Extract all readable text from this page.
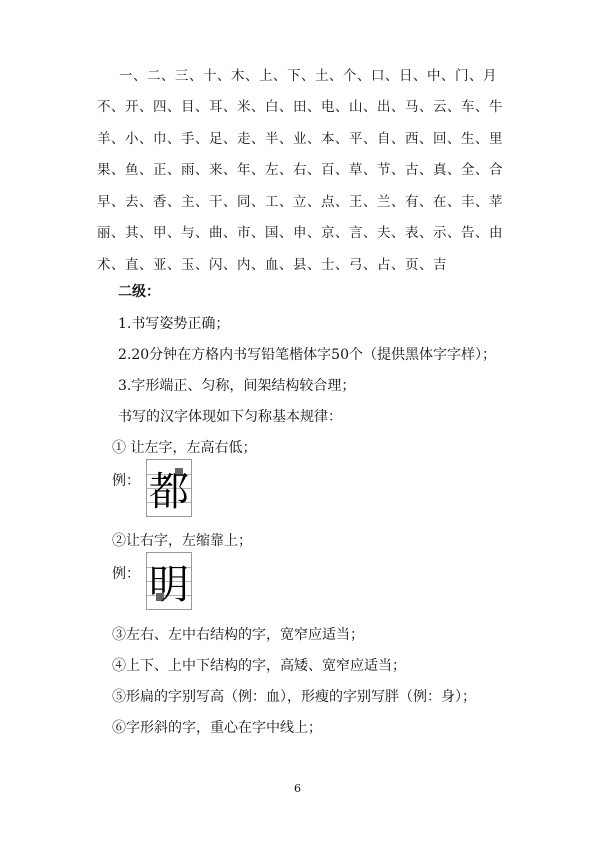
一 、 二 、 三 、 十 、 木 、 上 、 下 、 土 、 个 、 口 、 日 、 中 、 门 、 月
不 、 开 、 四 、 目 、 耳 、 米 、 白 、 田 、 电 、 山 、 出 、 马 、 云 、 车 、 牛
羊 、 小 、 巾 、 手 、 足 、 走 、 半 、 业 、 本 、 平 、 自 、 西 、 回 、 生 、 里
果 、 鱼 、 正 、 雨 、 来 、 年 、 左 、 右 、 百 、 草 、 节 、 古 、 真 、 全 、 合
早 、 去 、 香 、 主 、 干 、 同 、 工 、 立 、 点 、 王 、 兰 、 有 、 在 、 丰 、 苹
丽 、 其 、 甲 、 与 、 曲 、 市 、 国 、 申 、 京 、 言 、 夫 、 表 、 示 、 告 、 由
术 、 直 、 亚 、 玉 、 闪 、 内 、 血 、 县 、 士 、 弓 、 占 、 页 、 吉
二级：
1.书写姿势正确；
2.20分钟在方格内书写铅笔楷体字50个（提供黑体字字样）；
3.字形端正、匀称，间架结构较合理；
书写的汉字体现如下匀称基本规律：
① 让左字，左高右低；
例： 都
②让右字，左缩靠上；
例： 明
③左右、左中右结构的字，宽窄应适当；
④上下、上中下结构的字，高矮、宽窄应适当；
⑤形扁的字别写高（例：血），形瘦的字别写胖（例：身）；
⑥字形斜的字，重心在字中线上；
6
